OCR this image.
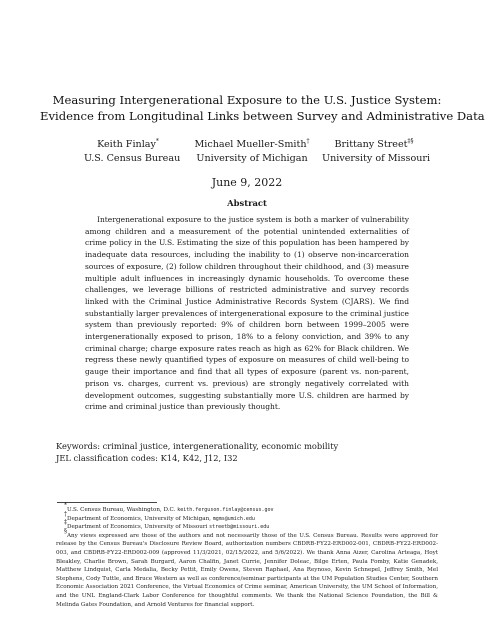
Measuring Intergenerational Exposure to the U.S. Justice System:
Evidence from Longitudinal Links between Survey and Administrative Data
Keith Finlay*
U.S. Census Bureau
Michael Mueller-Smith†
University of Michigan
Brittany Street‡§
University of Missouri
June 9, 2022
Abstract

Intergenerational exposure to the justice system is both a marker of vulnerability among children and a measurement of the potential unintended externalities of crime policy in the U.S. Estimating the size of this population has been hampered by inadequate data resources, including the inability to (1) observe non-incarceration sources of exposure, (2) follow children throughout their childhood, and (3) measure multiple adult influences in increasingly dynamic households. To overcome these challenges, we leverage billions of restricted administrative and survey records linked with the Criminal Justice Administrative Records System (CJARS). We find substantially larger prevalences of intergenerational exposure to the criminal justice system than previously reported: 9% of children born between 1999–2005 were intergenerationally exposed to prison, 18% to a felony conviction, and 39% to any criminal charge; charge exposure rates reach as high as 62% for Black children. We regress these newly quantified types of exposure on measures of child well-being to gauge their importance and find that all types of exposure (parent vs. non-parent, prison vs. charges, current vs. previous) are strongly negatively correlated with development outcomes, suggesting substantially more U.S. children are harmed by crime and criminal justice than previously thought.

Keywords: criminal justice, intergenerationality, economic mobility
JEL classification codes: K14, K42, J12, I32

*U.S. Census Bureau, Washington, D.C. keith.ferguson.finlay@census.gov

†Department of Economics, University of Michigan, mgms@umich.edu

‡Department of Economics, University of Missouri streetb@missouri.edu

§Any views expressed are those of the authors and not necessarily those of the U.S. Census Bureau. Results were approved for release by the Census Bureau's Disclosure Review Board, authorization numbers CBDRB-FY22-ERD002-001, CBDRB-FY22-ERD002-003, and CBDRB-FY22-ERD002-009 (approved 11/3/2021, 02/15/2022, and 5/6/2022). We thank Anna Aizer, Carolina Arteaga, Hoyt Bleakley, Charlie Brown, Sarah Burgard, Aaron Chalfin, Janet Currie, Jennifer Doleac, Bilge Erten, Paula Fomby, Katie Genadek, Matthew Lindquist, Carla Medalia, Becky Pettit, Emily Owens, Steven Raphael, Ana Reynoso, Kevin Schnepel, Jeffrey Smith, Mel Stephens, Cody Tuttle, and Bruce Western as well as conference/seminar participants at the UM Population Studies Center, Southern Economic Association 2021 Conference, the Virtual Economics of Crime seminar, American University, the UM School of Information, and the UNL England-Clark Labor Conference for thoughtful comments. We thank the National Science Foundation, the Bill & Melinda Gates Foundation, and Arnold Ventures for financial support.
